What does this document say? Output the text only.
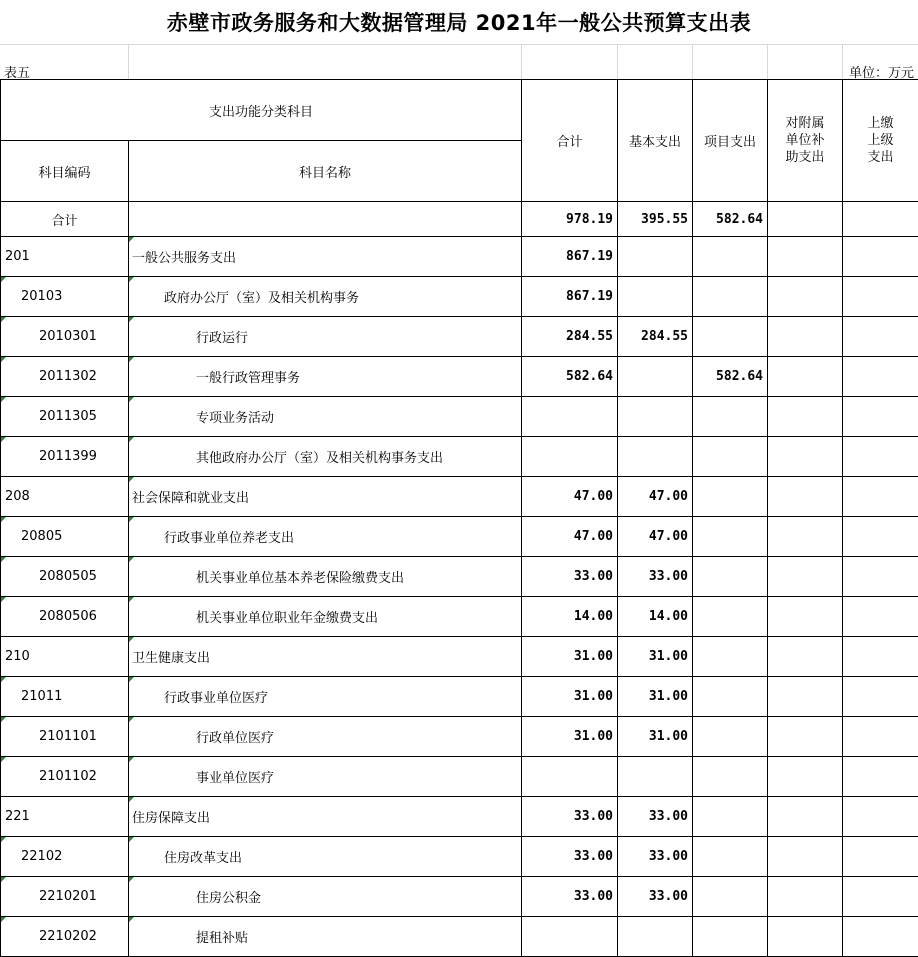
赤壁市政务服务和大数据管理局 2021年一般公共预算支出表
表五	单位：万元
支出功能分类科目		合计	基本支出	项目支出	对附属单位补助支出	上缴上级支出
科目编码	科目名称					
合计		978.19	395.55	582.64		
201	一般公共服务支出	867.19				
20103	政府办公厅（室）及相关机构事务	867.19				
2010301	行政运行	284.55	284.55			
2011302	一般行政管理事务	582.64		582.64		
2011305	专项业务活动					
2011399	其他政府办公厅（室）及相关机构事务支出					
208	社会保障和就业支出	47.00	47.00			
20805	行政事业单位养老支出	47.00	47.00			
2080505	机关事业单位基本养老保险缴费支出	33.00	33.00			
2080506	机关事业单位职业年金缴费支出	14.00	14.00			
210	卫生健康支出	31.00	31.00			
21011	行政事业单位医疗	31.00	31.00			
2101101	行政单位医疗	31.00	31.00			
2101102	事业单位医疗					
221	住房保障支出	33.00	33.00			
22102	住房改革支出	33.00	33.00			
2210201	住房公积金	33.00	33.00			
2210202	提租补贴					
